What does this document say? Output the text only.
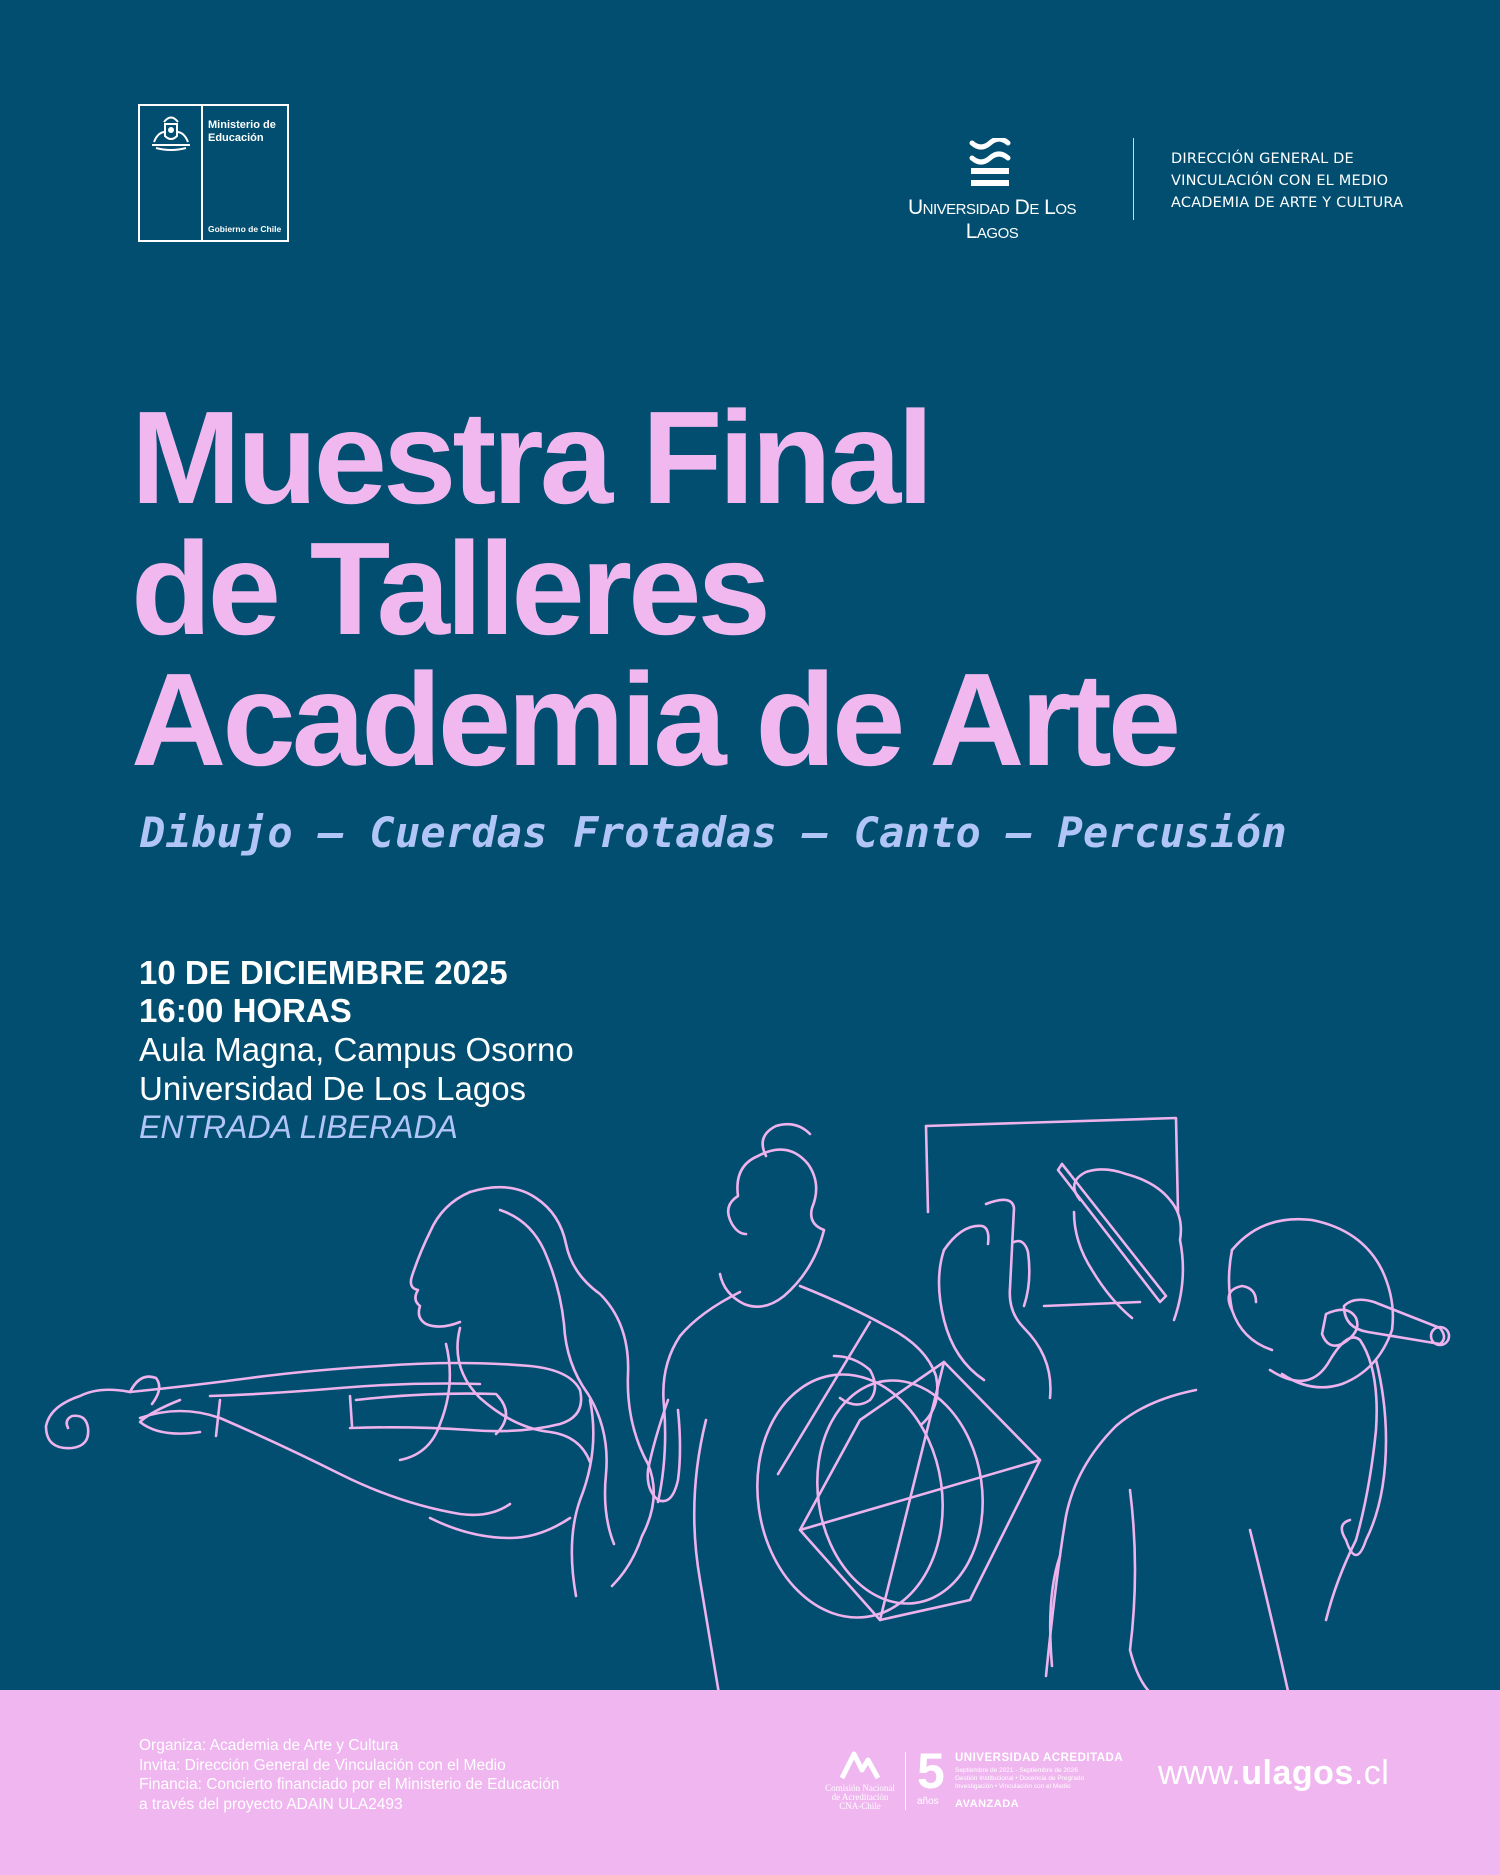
Ministerio de Educación
Gobierno de Chile
Universidad De Los Lagos
DIRECCIÓN GENERAL DE
VINCULACIÓN CON EL MEDIO
ACADEMIA DE ARTE Y CULTURA
Muestra Final
de Talleres
Academia de Arte
Dibujo – Cuerdas Frotadas – Canto – Percusión
10 DE DICIEMBRE 2025
16:00 HORAS
Aula Magna, Campus Osorno
Universidad De Los Lagos
ENTRADA LIBERADA
Organiza: Academia de Arte y Cultura
Invita: Dirección General de Vinculación con el Medio
Financia: Concierto financiado por el Ministerio de Educación
a través del proyecto ADAIN ULA2493
Comisión Nacional de Acreditación CNA-Chile
5
años
UNIVERSIDAD ACREDITADA
Septiembre de 2021 - Septiembre de 2026
Gestión Institucional • Docencia de Pregrado
Investigación • Vinculación con el Medio
AVANZADA
www.ulagos.cl
